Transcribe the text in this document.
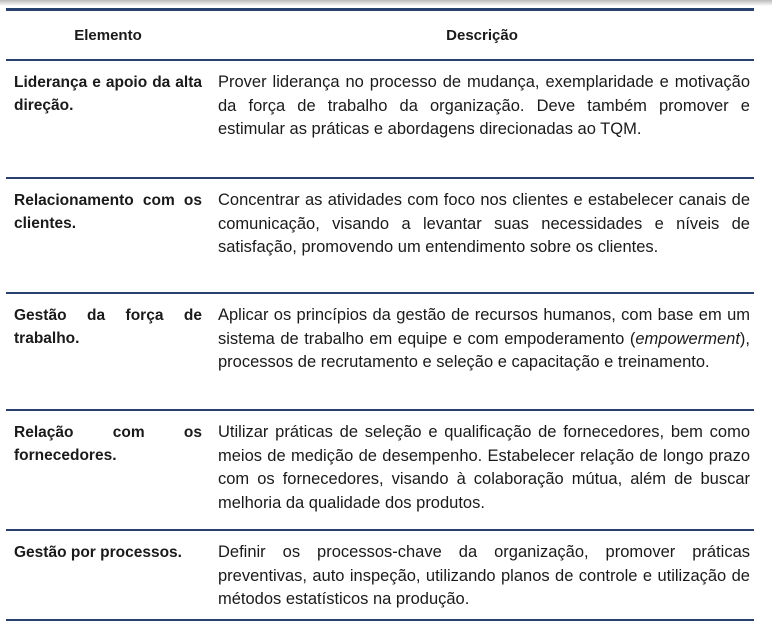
Elemento	Descrição
Liderança e apoio da alta direção.
Prover liderança no processo de mudança, exemplaridade e motivação da força de trabalho da organização. Deve também promover e estimular as práticas e abordagens direcionadas ao TQM.
Relacionamento com os clientes.
Concentrar as atividades com foco nos clientes e estabelecer canais de comunicação, visando a levantar suas necessidades e níveis de satisfação, promovendo um entendimento sobre os clientes.
Gestão da força de trabalho.
Aplicar os princípios da gestão de recursos humanos, com base em um sistema de trabalho em equipe e com empoderamento (empowerment), processos de recrutamento e seleção e capacitação e treinamento.
Relação com os fornecedores.
Utilizar práticas de seleção e qualificação de fornecedores, bem como meios de medição de desempenho. Estabelecer relação de longo prazo com os fornecedores, visando à colaboração mútua, além de buscar melhoria da qualidade dos produtos.
Gestão por processos.	Definir os processos-chave da organização, promover práticas preventivas, auto inspeção, utilizando planos de controle e utilização de métodos estatísticos na produção.
